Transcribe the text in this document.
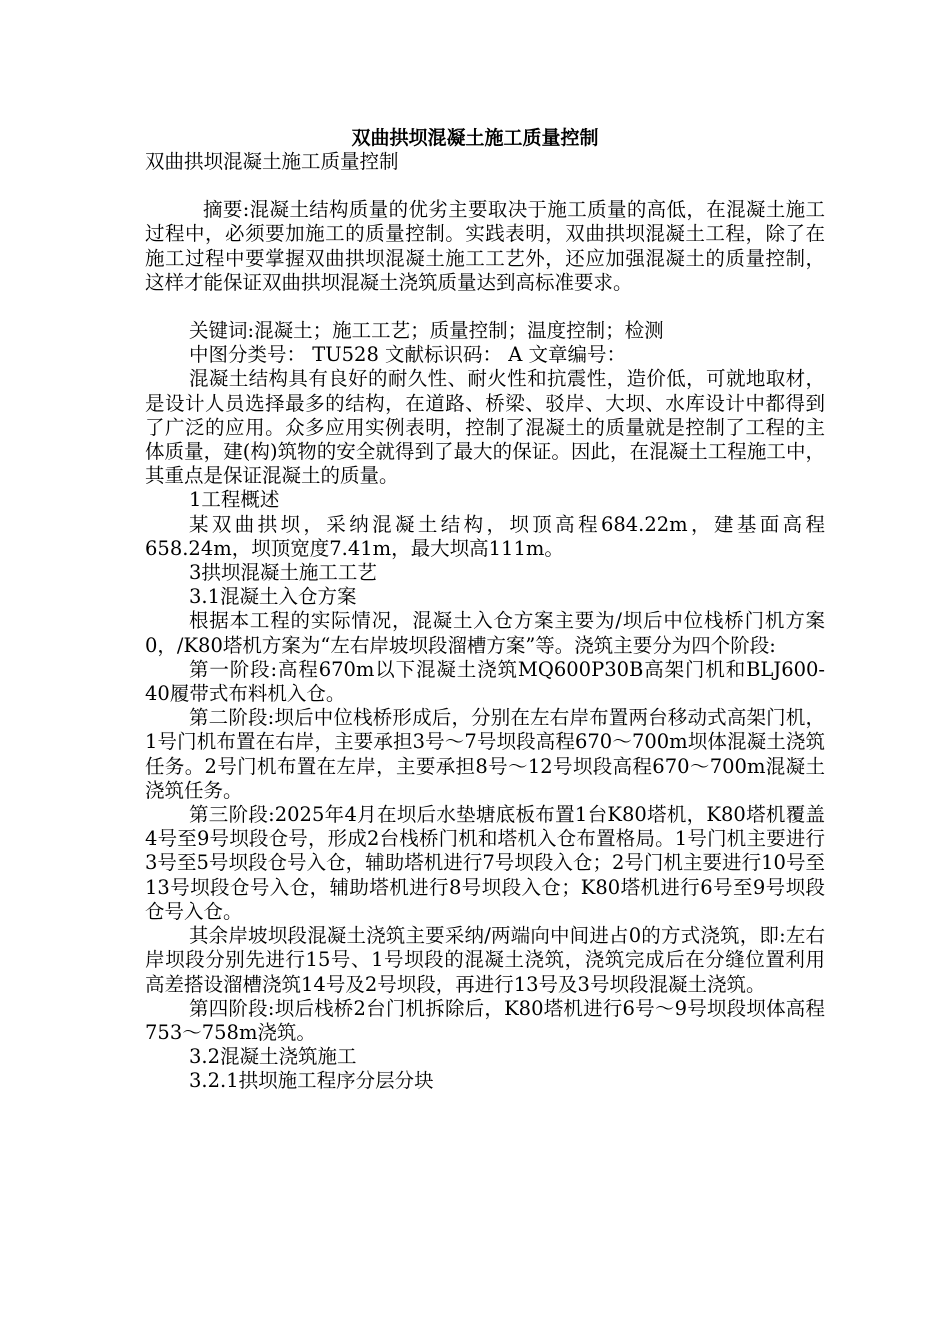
双曲拱坝混凝土施工质量控制

双曲拱坝混凝土施工质量控制

摘要:混凝土结构质量的优劣主要取决于施工质量的高低，在混凝土施工过程中，必须要加施工的质量控制。实践表明，双曲拱坝混凝土工程，除了在施工过程中要掌握双曲拱坝混凝土施工工艺外，还应加强混凝土的质量控制，这样才能保证双曲拱坝混凝土浇筑质量达到高标准要求。

关键词:混凝土；施工工艺；质量控制；温度控制；检测

中图分类号： TU528 文献标识码： A 文章编号：

混凝土结构具有良好的耐久性、耐火性和抗震性，造价低，可就地取材，是设计人员选择最多的结构，在道路、桥梁、驳岸、大坝、水库设计中都得到了广泛的应用。众多应用实例表明，控制了混凝土的质量就是控制了工程的主体质量，建(构)筑物的安全就得到了最大的保证。因此，在混凝土工程施工中，其重点是保证混凝土的质量。

1工程概述

某双曲拱坝，采纳混凝土结构，坝顶高程684.22m，建基面高程658.24m，坝顶宽度7.41m，最大坝高111m。

3拱坝混凝土施工工艺

3.1混凝土入仓方案

根据本工程的实际情况，混凝土入仓方案主要为/坝后中位栈桥门机方案0，/K80塔机方案为“左右岸坡坝段溜槽方案”等。浇筑主要分为四个阶段:

第一阶段:高程670m以下混凝土浇筑MQ600P30B高架门机和BLJ600-40履带式布料机入仓。

第二阶段:坝后中位栈桥形成后，分别在左右岸布置两台移动式高架门机，1号门机布置在右岸，主要承担3号～7号坝段高程670～700m坝体混凝土浇筑任务。2号门机布置在左岸，主要承担8号～12号坝段高程670～700m混凝土浇筑任务。

第三阶段:2025年4月在坝后水垫塘底板布置1台K80塔机，K80塔机覆盖4号至9号坝段仓号，形成2台栈桥门机和塔机入仓布置格局。1号门机主要进行3号至5号坝段仓号入仓，辅助塔机进行7号坝段入仓；2号门机主要进行10号至13号坝段仓号入仓，辅助塔机进行8号坝段入仓；K80塔机进行6号至9号坝段仓号入仓。

其余岸坡坝段混凝土浇筑主要采纳/两端向中间进占0的方式浇筑，即:左右岸坝段分别先进行15号、1号坝段的混凝土浇筑，浇筑完成后在分缝位置利用高差搭设溜槽浇筑14号及2号坝段，再进行13号及3号坝段混凝土浇筑。

第四阶段:坝后栈桥2台门机拆除后，K80塔机进行6号～9号坝段坝体高程753～758m浇筑。

3.2混凝土浇筑施工

3.2.1拱坝施工程序分层分块
